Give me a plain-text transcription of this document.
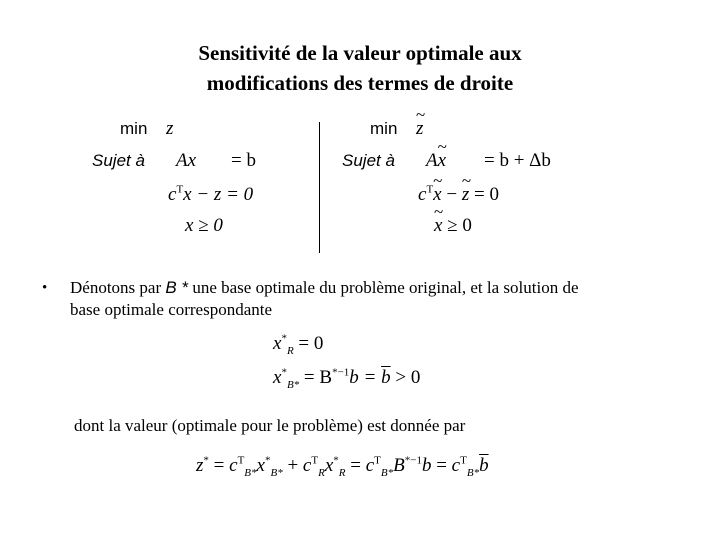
Sensitivité de la valeur optimale aux
modifications des termes de droite
min z
Sujet à Ax = b
$c^Tx - z = 0$
x ≥ 0
min ~ z
Sujet à A~ x = b + Δb
$c^T\sim$ x − ~ z = 0
~ x ≥ 0
• Dénotons par B * une base optimale du problème original, et la solution de
base optimale correspondante
$x^*_R = 0$
$x^*_{B*} = B^{*-1}b = \overline{b} > 0$
dont la valeur (optimale pour le problème) est donnée par
$z^* = c^T_{B*}x^*_{B*} + c^T_Rx^*_R = c^T_{B*}B^{*-1}b = c^T_{B*}\overline{b}$
